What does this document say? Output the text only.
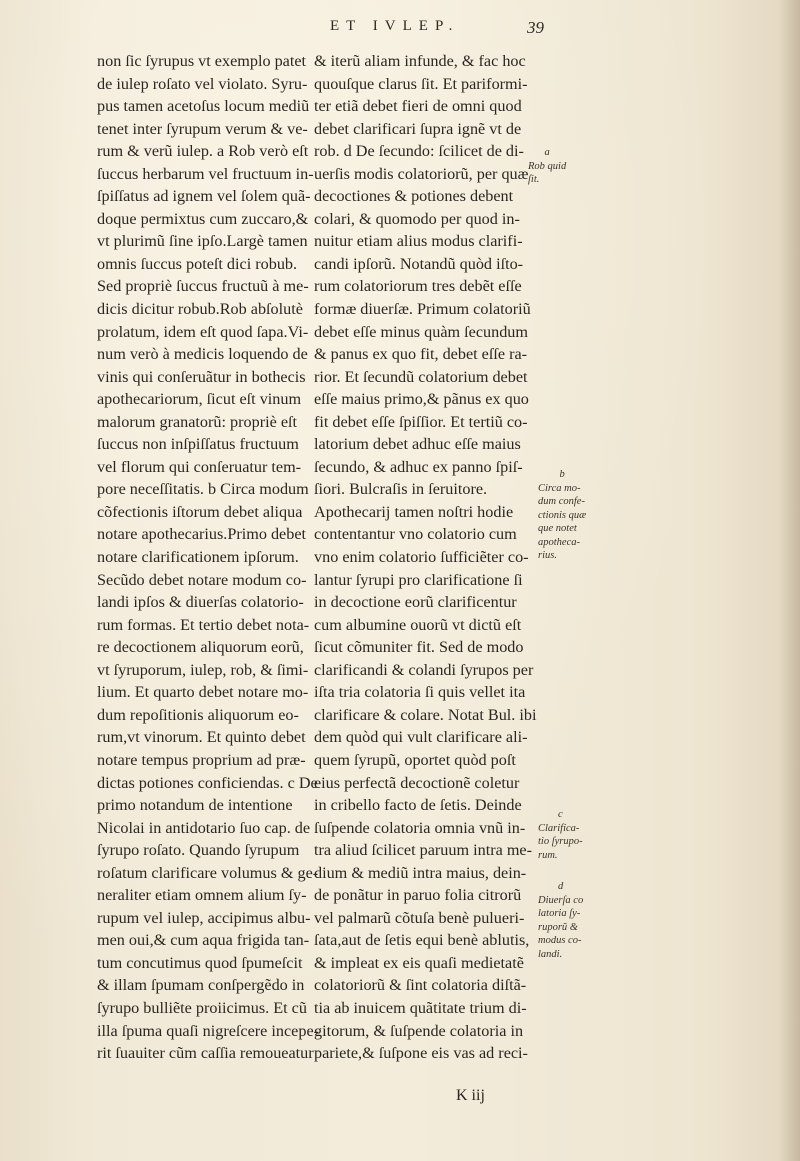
ET IVLEP.	39
non ſic ſyrupus vt exemplo patet
de iulep roſato vel violato. Syru-
pus tamen acetoſus locum mediũ
tenet inter ſyrupum verum & ve-
rum & verũ iulep. a Rob verò eſt
ſuccus herbarum vel fructuum in-
ſpiſſatus ad ignem vel ſolem quã-
doque permixtus cum zuccaro,&
vt plurimũ ſine ipſo.Largè tamen
omnis ſuccus poteſt dici robub.
Sed propriè ſuccus fructuũ à me-
dicis dicitur robub.Rob abſolutè
prolatum, idem eſt quod ſapa.Vi-
num verò à medicis loquendo de
vinis qui conſeruãtur in bothecis
apothecariorum, ſicut eſt vinum
malorum granatorũ: propriè eſt
ſuccus non inſpiſſatus fructuum
vel florum qui conſeruatur tem-
pore neceſſitatis. b Circa modum
cõfectionis iſtorum debet aliqua
notare apothecarius.Primo debet
notare clarificationem ipſorum.
Secũdo debet notare modum co-
landi ipſos & diuerſas colatorio-
rum formas. Et tertio debet nota-
re decoctionem aliquorum eorũ,
vt ſyruporum, iulep, rob, & ſimi-
lium. Et quarto debet notare mo-
dum repoſitionis aliquorum eo-
rum,vt vinorum. Et quinto debet
notare tempus proprium ad præ-
dictas potiones conficiendas. c De
primo notandum de intentione
Nicolai in antidotario ſuo cap. de
ſyrupo roſato. Quando ſyrupum
roſatum clarificare volumus & ge-
neraliter etiam omnem alium ſy-
rupum vel iulep, accipimus albu-
men oui,& cum aqua frigida tan-
tum concutimus quod ſpumeſcit
& illam ſpumam conſpergẽdo in
ſyrupo bulliẽte proiicimus. Et cũ
illa ſpuma quaſi nigreſcere incepe-
rit ſuauiter cũm caſſia remoueatur
& iterũ aliam infunde, & fac hoc
quouſque clarus ſit. Et pariformi-
ter etiã debet fieri de omni quod
debet clarificari ſupra ignẽ vt de
rob. d De ſecundo: ſcilicet de di-
uerſis modis colatoriorũ, per quæ
decoctiones & potiones debent
colari, & quomodo per quod in-
nuitur etiam alius modus clarifi-
candi ipſorũ. Notandũ quòd iſto-
rum colatoriorum tres debẽt eſſe
formæ diuerſæ. Primum colatoriũ
debet eſſe minus quàm ſecundum
& panus ex quo fit, debet eſſe ra-
rior. Et ſecundũ colatorium debet
eſſe maius primo,& pãnus ex quo
fit debet eſſe ſpiſſior. Et tertiũ co-
latorium debet adhuc eſſe maius
ſecundo, & adhuc ex panno ſpiſ-
ſiori. Bulcraſis in ſeruitore.
Apothecarij tamen noſtri hodie
contentantur vno colatorio cum
vno enim colatorio ſufficiẽter co-
lantur ſyrupi pro clarificatione ſi
in decoctione eorũ clarificentur
cum albumine ouorũ vt dictũ eſt
ſicut cõmuniter fit. Sed de modo
clarificandi & colandi ſyrupos per
iſta tria colatoria ſi quis vellet ita
clarificare & colare. Notat Bul. ibi
dem quòd qui vult clarificare ali-
quem ſyrupũ, oportet quòd poſt
eius perfectã decoctionẽ coletur
in cribello facto de ſetis. Deinde
ſuſpende colatoria omnia vnũ in-
tra aliud ſcilicet paruum intra me-
dium & mediũ intra maius, dein-
de ponãtur in paruo folia citrorũ
vel palmarũ cõtuſa benè pulueri-
ſata,aut de ſetis equi benè ablutis,
& impleat ex eis quaſi medietatẽ
colatoriorũ & ſint colatoria diſtã-
tia ab inuicem quãtitate trium di-
gitorum, & ſuſpende colatoria in
pariete,& ſuſpone eis vas ad reci-
a
Rob quid
ſit.
b
Circa mo-
dum confe-
ctionis quæ
que notet
apotheca-
rius.
c
Clarifica-
tio ſyrupo-
rum.
d
Diuerſa co
latoria ſy-
ruporũ &
modus co-
landi.
K iij
